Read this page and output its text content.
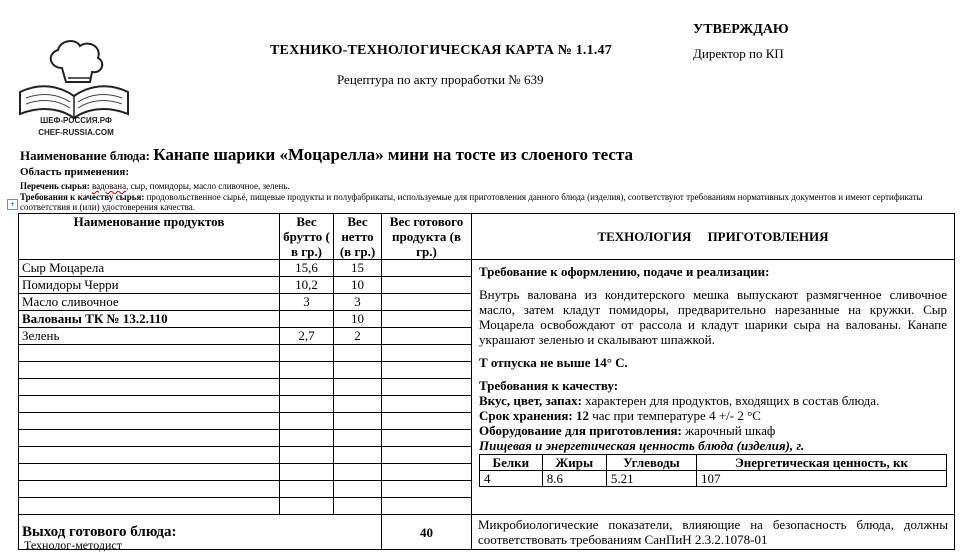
ШЕФ-РОССИЯ.РФ
CHEF-RUSSIA.COM
ТЕХНИКО-ТЕХНОЛОГИЧЕСКАЯ КАРТА № 1.1.47
Рецептура по акту проработки № 639
УТВЕРЖДАЮ
Директор по КП
Наименование блюда: Канапе шарики «Моцарелла» мини на тосте из слоеного теста
Область применения:
Перечень сырья: вадована, сыр, помидоры, масло сливочное, зелень.
Требования к качеству сырья: продовольственное сырьё, пищевые продукты и полуфабрикаты, используемые для приготовления данного блюда (изделия), соответствуют требованиям нормативных документов и имеют сертификаты соответствия и (или) удостоверения качества.
+
Наименование продуктов	Вес брутто ( в гр.)	Вес нетто (в гр.)	Вес готового продукта (в гр.)	ТЕХНОЛОГИЯ     ПРИГОТОВЛЕНИЯ
Сыр Моцарела	15,6	15		Требование к оформлению, подаче и реализации:
Внутрь валована из кондитерского мешка выпускают размягченное сливочное масло, затем кладут помидоры, предварительно нарезанные на кружки. Сыр Моцарела освобождают от рассола и кладут шарики сыра на валованы. Канапе украшают зеленью и скалывают шпажкой.
Т отпуска не выше 14° С.
Требования к качеству:
Вкус, цвет, запах: характерен для продуктов, входящих в состав блюда.
Срок хранения: 12 час при температуре 4 +/- 2 °С
Оборудование для приготовления: жарочный шкаф
Пищевая и энергетическая ценность блюда (изделия), г.
Белки	Жиры	Углеводы	Энергетическая ценность, кк
4	8.6	5.21	107

Помидоры Черри	10,2	10	
Масло сливочное	3	3	
Валованы ТК № 13.2.110		10	
Зелень	2,7	2	

Выход готового блюда:	40	Микробиологические показатели, влияющие на безопасность блюда, должны соответствовать требованиям СанПиН 2.3.2.1078-01
Технолог-методист
